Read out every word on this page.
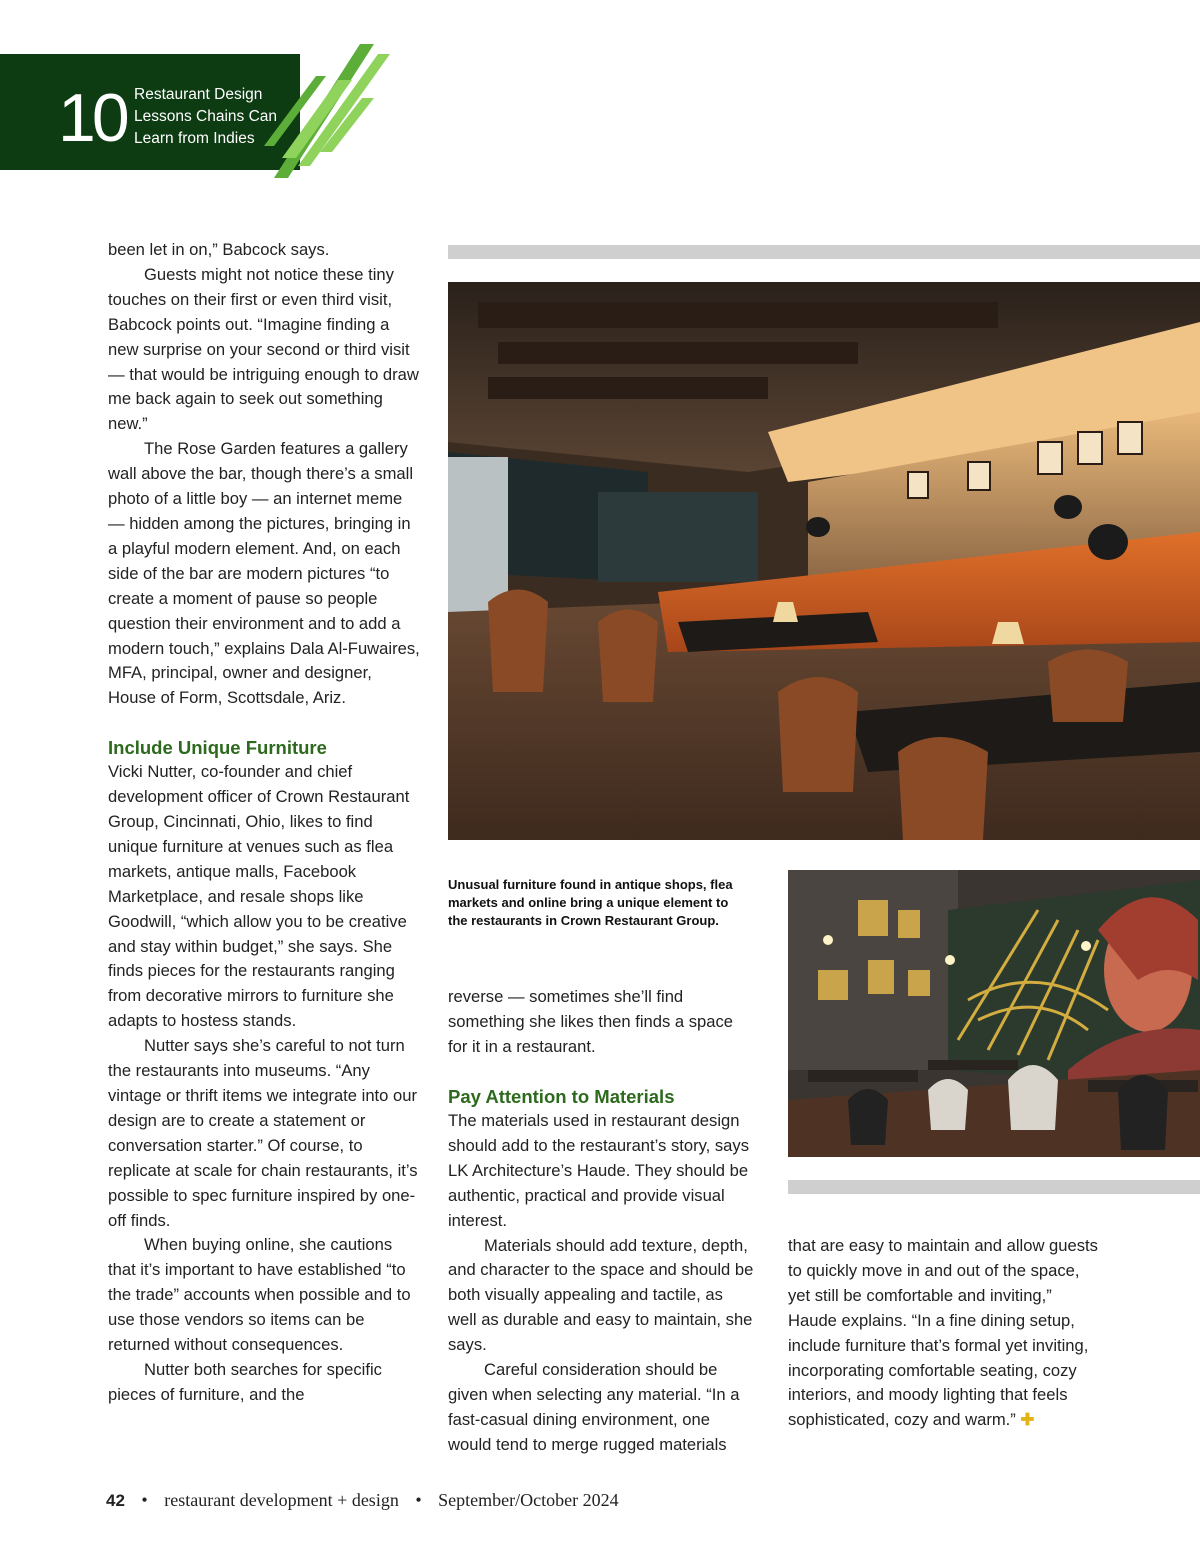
10 Restaurant Design
Lessons Chains Can
Learn from Indies

been let in on,” Babcock says.

Guests might not notice these tiny touches on their first or even third visit, Babcock points out. “Imagine finding a new surprise on your second or third visit — that would be intriguing enough to draw me back again to seek out something new.”

The Rose Garden features a gallery wall above the bar, though there’s a small photo of a little boy — an internet meme — hidden among the pictures, bringing in a playful modern element. And, on each side of the bar are modern pictures “to create a moment of pause so people question their environment and to add a modern touch,” explains Dala Al-Fuwaires, MFA, principal, owner and designer, House of Form, Scottsdale, Ariz.

Include Unique Furniture

Vicki Nutter, co-founder and chief development officer of Crown Restaurant Group, Cincinnati, Ohio, likes to find unique furniture at venues such as flea markets, antique malls, Facebook Marketplace, and resale shops like Goodwill, “which allow you to be creative and stay within budget,” she says. She finds pieces for the restaurants ranging from decorative mirrors to furniture she adapts to hostess stands.

Nutter says she’s careful to not turn the restaurants into museums. “Any vintage or thrift items we integrate into our design are to create a statement or conversation starter.” Of course, to replicate at scale for chain restaurants, it’s possible to spec furniture inspired by one-off finds.

When buying online, she cautions that it’s important to have established “to the trade” accounts when possible and to use those vendors so items can be returned without consequences.

Nutter both searches for specific pieces of furniture, and the

Unusual furniture found in antique shops, flea markets and online bring a unique element to the restaurants in Crown Restaurant Group.

reverse — sometimes she’ll find something she likes then finds a space for it in a restaurant.

Pay Attention to Materials

The materials used in restaurant design should add to the restaurant’s story, says LK Architecture’s Haude. They should be authentic, practical and provide visual interest.

Materials should add texture, depth, and character to the space and should be both visually appealing and tactile, as well as durable and easy to maintain, she says.

Careful consideration should be given when selecting any material. “In a fast-casual dining environment, one would tend to merge rugged materials

that are easy to maintain and allow guests to quickly move in and out of the space, yet still be comfortable and inviting,” Haude explains. “In a fine dining setup, include furniture that’s formal yet inviting, incorporating comfortable seating, cozy interiors, and moody lighting that feels sophisticated, cozy and warm.” ✚

42 • restaurant development + design • September/October 2024
